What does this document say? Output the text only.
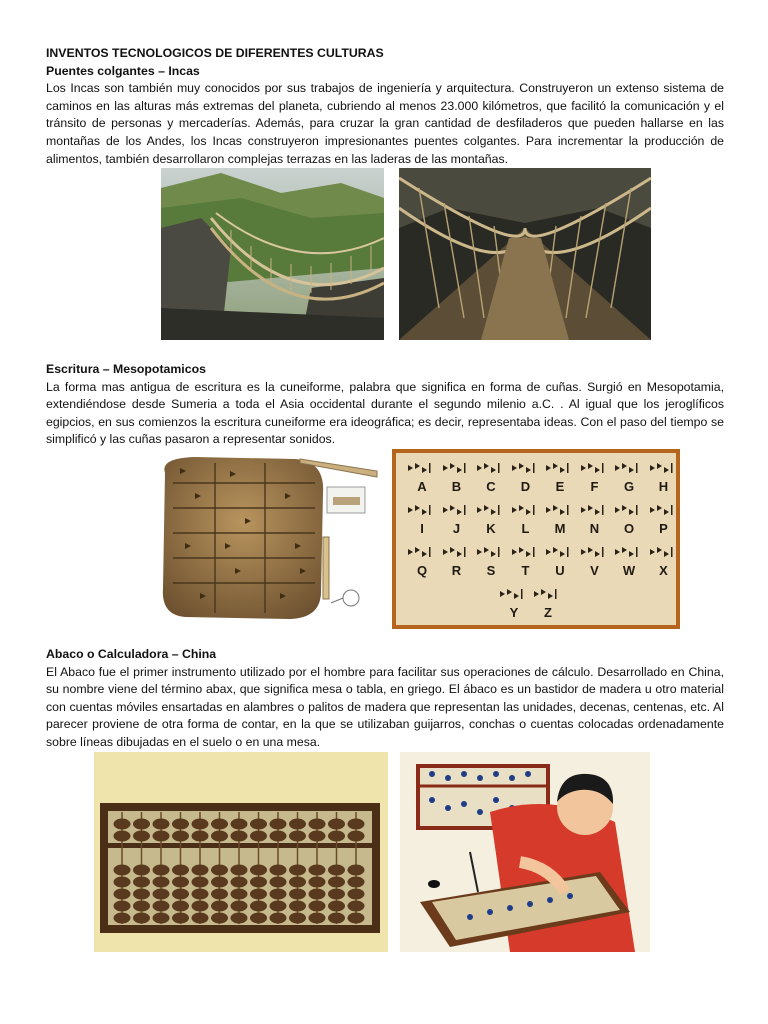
INVENTOS TECNOLOGICOS DE DIFERENTES CULTURAS
Puentes colgantes – Incas
Los Incas son también muy conocidos por sus trabajos de ingeniería y arquitectura. Construyeron un extenso sistema de caminos en las alturas más extremas del planeta, cubriendo al menos 23.000 kilómetros, que facilitó la comunicación y el tránsito de personas y mercaderías. Además, para cruzar la gran cantidad de desfiladeros que pueden hallarse en las montañas de los Andes, los Incas construyeron impresionantes puentes colgantes. Para incrementar la producción de alimentos, también desarrollaron complejas terrazas en las laderas de las montañas.
Escritura – Mesopotamicos
La forma mas antigua de escritura es la cuneiforme, palabra que significa en forma de cuñas. Surgió en Mesopotamia, extendiéndose desde Sumeria a toda el Asia occidental durante el segundo milenio a.C. . Al igual que los jeroglíficos egipcios, en sus comienzos la escritura cuneiforme era ideográfica; es decir, representaba ideas. Con el paso del tiempo se simplificó y las cuñas pasaron a representar sonidos.
A	B	C	D	E	F	G	H
I	J	K	L	M	N	O	P
Q	R	S	T	U	V	W	X
Y	Z
Abaco o Calculadora – China
El Abaco fue el primer instrumento utilizado por el hombre para facilitar sus operaciones de cálculo. Desarrollado en China, su nombre viene del término abax, que significa mesa o tabla, en griego. El ábaco es un bastidor de madera u otro material con cuentas móviles ensartadas en alambres o palitos de madera que representan las unidades, decenas, centenas, etc. Al parecer proviene de otra forma de contar, en la que se utilizaban guijarros, conchas o cuentas colocadas ordenadamente sobre líneas dibujadas en el suelo o en una mesa.
